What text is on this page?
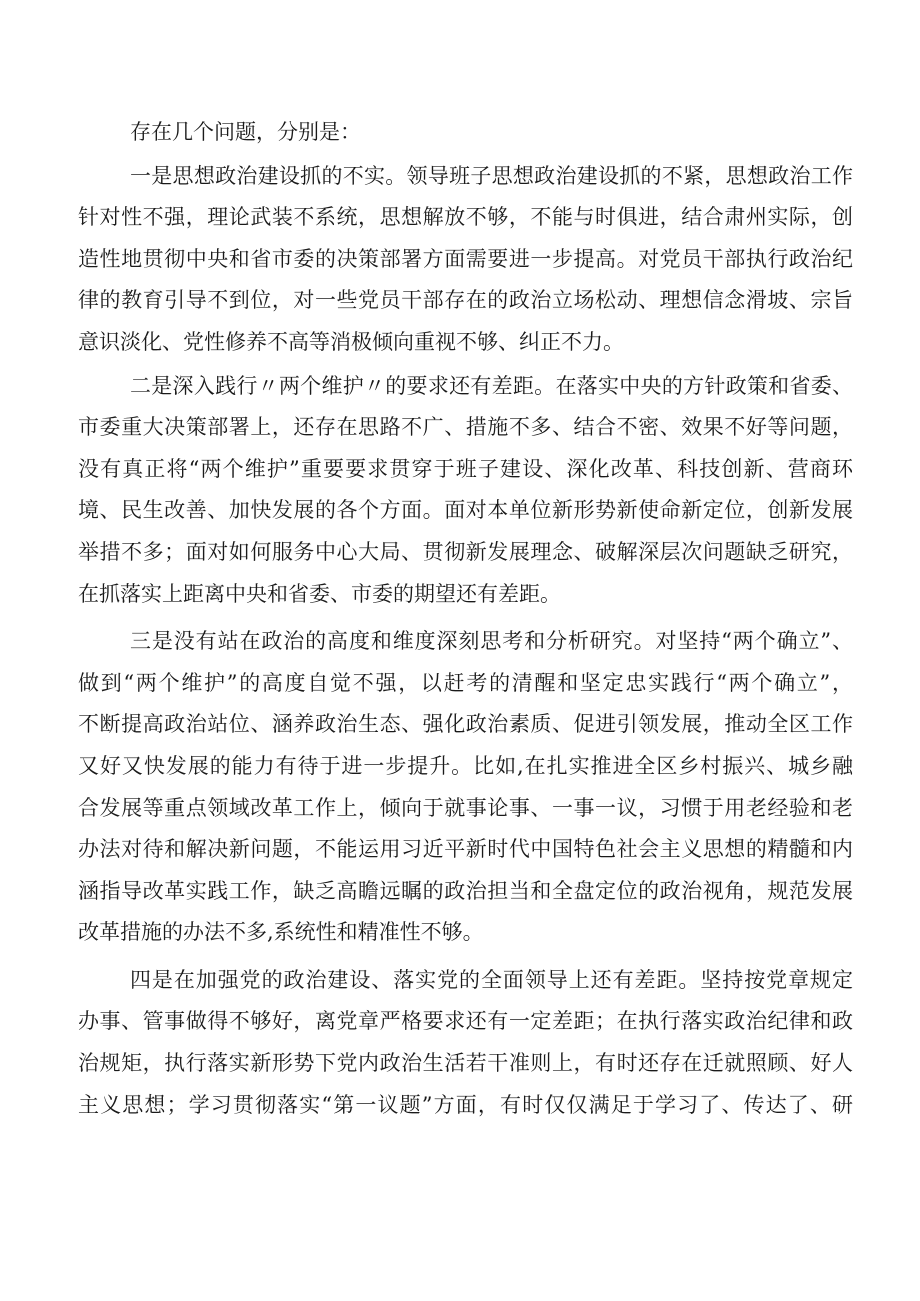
存在几个问题，分别是：
一是思想政治建设抓的不实。领导班子思想政治建设抓的不紧，思想政治工作
针对性不强，理论武装不系统，思想解放不够，不能与时俱进，结合肃州实际，创
造性地贯彻中央和省市委的决策部署方面需要进一步提高。对党员干部执行政治纪
律的教育引导不到位，对一些党员干部存在的政治立场松动、理想信念滑坡、宗旨
意识淡化、党性修养不高等消极倾向重视不够、纠正不力。
二是深入践行〃两个维护〃的要求还有差距。在落实中央的方针政策和省委、
市委重大决策部署上，还存在思路不广、措施不多、结合不密、效果不好等问题，
没有真正将“两个维护”重要要求贯穿于班子建设、深化改革、科技创新、营商环
境、民生改善、加快发展的各个方面。面对本单位新形势新使命新定位，创新发展
举措不多；面对如何服务中心大局、贯彻新发展理念、破解深层次问题缺乏研究，
在抓落实上距离中央和省委、市委的期望还有差距。
三是没有站在政治的高度和维度深刻思考和分析研究。对坚持“两个确立”、
做到“两个维护”的高度自觉不强，以赶考的清醒和坚定忠实践行“两个确立”，
不断提高政治站位、涵养政治生态、强化政治素质、促进引领发展，推动全区工作
又好又快发展的能力有待于进一步提升。比如,在扎实推进全区乡村振兴、城乡融
合发展等重点领域改革工作上，倾向于就事论事、一事一议，习惯于用老经验和老
办法对待和解决新问题，不能运用习近平新时代中国特色社会主义思想的精髓和内
涵指导改革实践工作，缺乏高瞻远瞩的政治担当和全盘定位的政治视角，规范发展
改革措施的办法不多,系统性和精准性不够。
四是在加强党的政治建设、落实党的全面领导上还有差距。坚持按党章规定
办事、管事做得不够好，离党章严格要求还有一定差距；在执行落实政治纪律和政
治规矩，执行落实新形势下党内政治生活若干准则上，有时还存在迁就照顾、好人
主义思想；学习贯彻落实“第一议题”方面，有时仅仅满足于学习了、传达了、研
